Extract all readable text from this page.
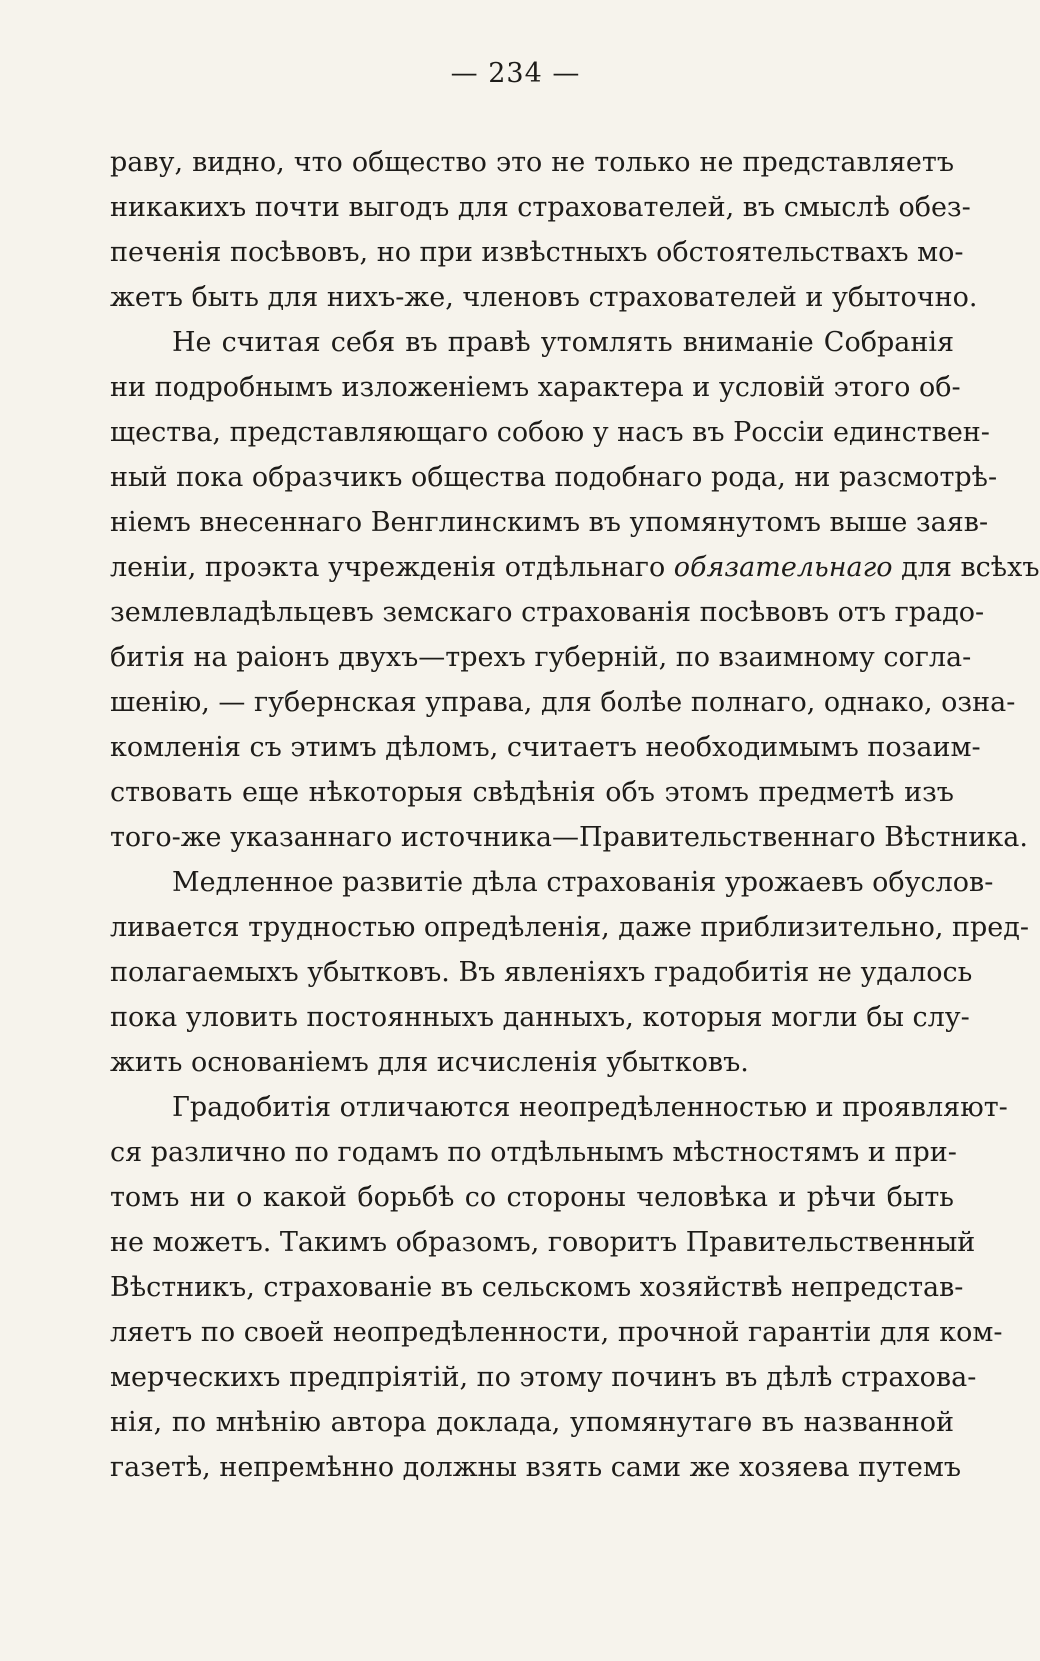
— 234 —
раву, видно, что общество это не только не представляетъ
никакихъ почти выгодъ для страхователей, въ смыслѣ обез-
печенія посѣвовъ, но при извѣстныхъ обстоятельствахъ мо-
жетъ быть для нихъ-же, членовъ страхователей и убыточно.
Не считая себя въ правѣ утомлять вниманіе Собранія
ни подробнымъ изложеніемъ характера и условій этого об-
щества, представляющаго собою у насъ въ Россіи единствен-
ный пока образчикъ общества подобнаго рода, ни разсмотрѣ-
ніемъ внесеннаго Венглинскимъ въ упомянутомъ выше заяв-
леніи, проэкта учрежденія отдѣльнаго обязательнаго для всѣхъ
землевладѣльцевъ земскаго страхованія посѣвовъ отъ градо-
битія на раіонъ двухъ—трехъ губерній, по взаимному согла-
шенію, — губернская управа, для болѣе полнаго, однако, озна-
комленія съ этимъ дѣломъ, считаетъ необходимымъ позаим-
ствовать еще нѣкоторыя свѣдѣнія объ этомъ предметѣ изъ
того-же указаннаго источника—Правительственнаго Вѣстника.
Медленное развитіе дѣла страхованія урожаевъ обуслов-
ливается трудностью опредѣленія, даже приблизительно, пред-
полагаемыхъ убытковъ. Въ явленіяхъ градобитія не удалось
пока уловить постоянныхъ данныхъ, которыя могли бы слу-
жить основаніемъ для исчисленія убытковъ.
Градобитія отличаются неопредѣленностью и проявляют-
ся различно по годамъ по отдѣльнымъ мѣстностямъ и при-
томъ ни о какой борьбѣ со стороны человѣка и рѣчи быть
не можетъ. Такимъ образомъ, говоритъ Правительственный
Вѣстникъ, страхованіе въ сельскомъ хозяйствѣ непредстав-
ляетъ по своей неопредѣленности, прочной гарантіи для ком-
мерческихъ предпріятій, по этому починъ въ дѣлѣ страхова-
нія, по мнѣнію автора доклада, упомянутагѳ въ названной
газетѣ, непремѣнно должны взять сами же хозяева путемъ
